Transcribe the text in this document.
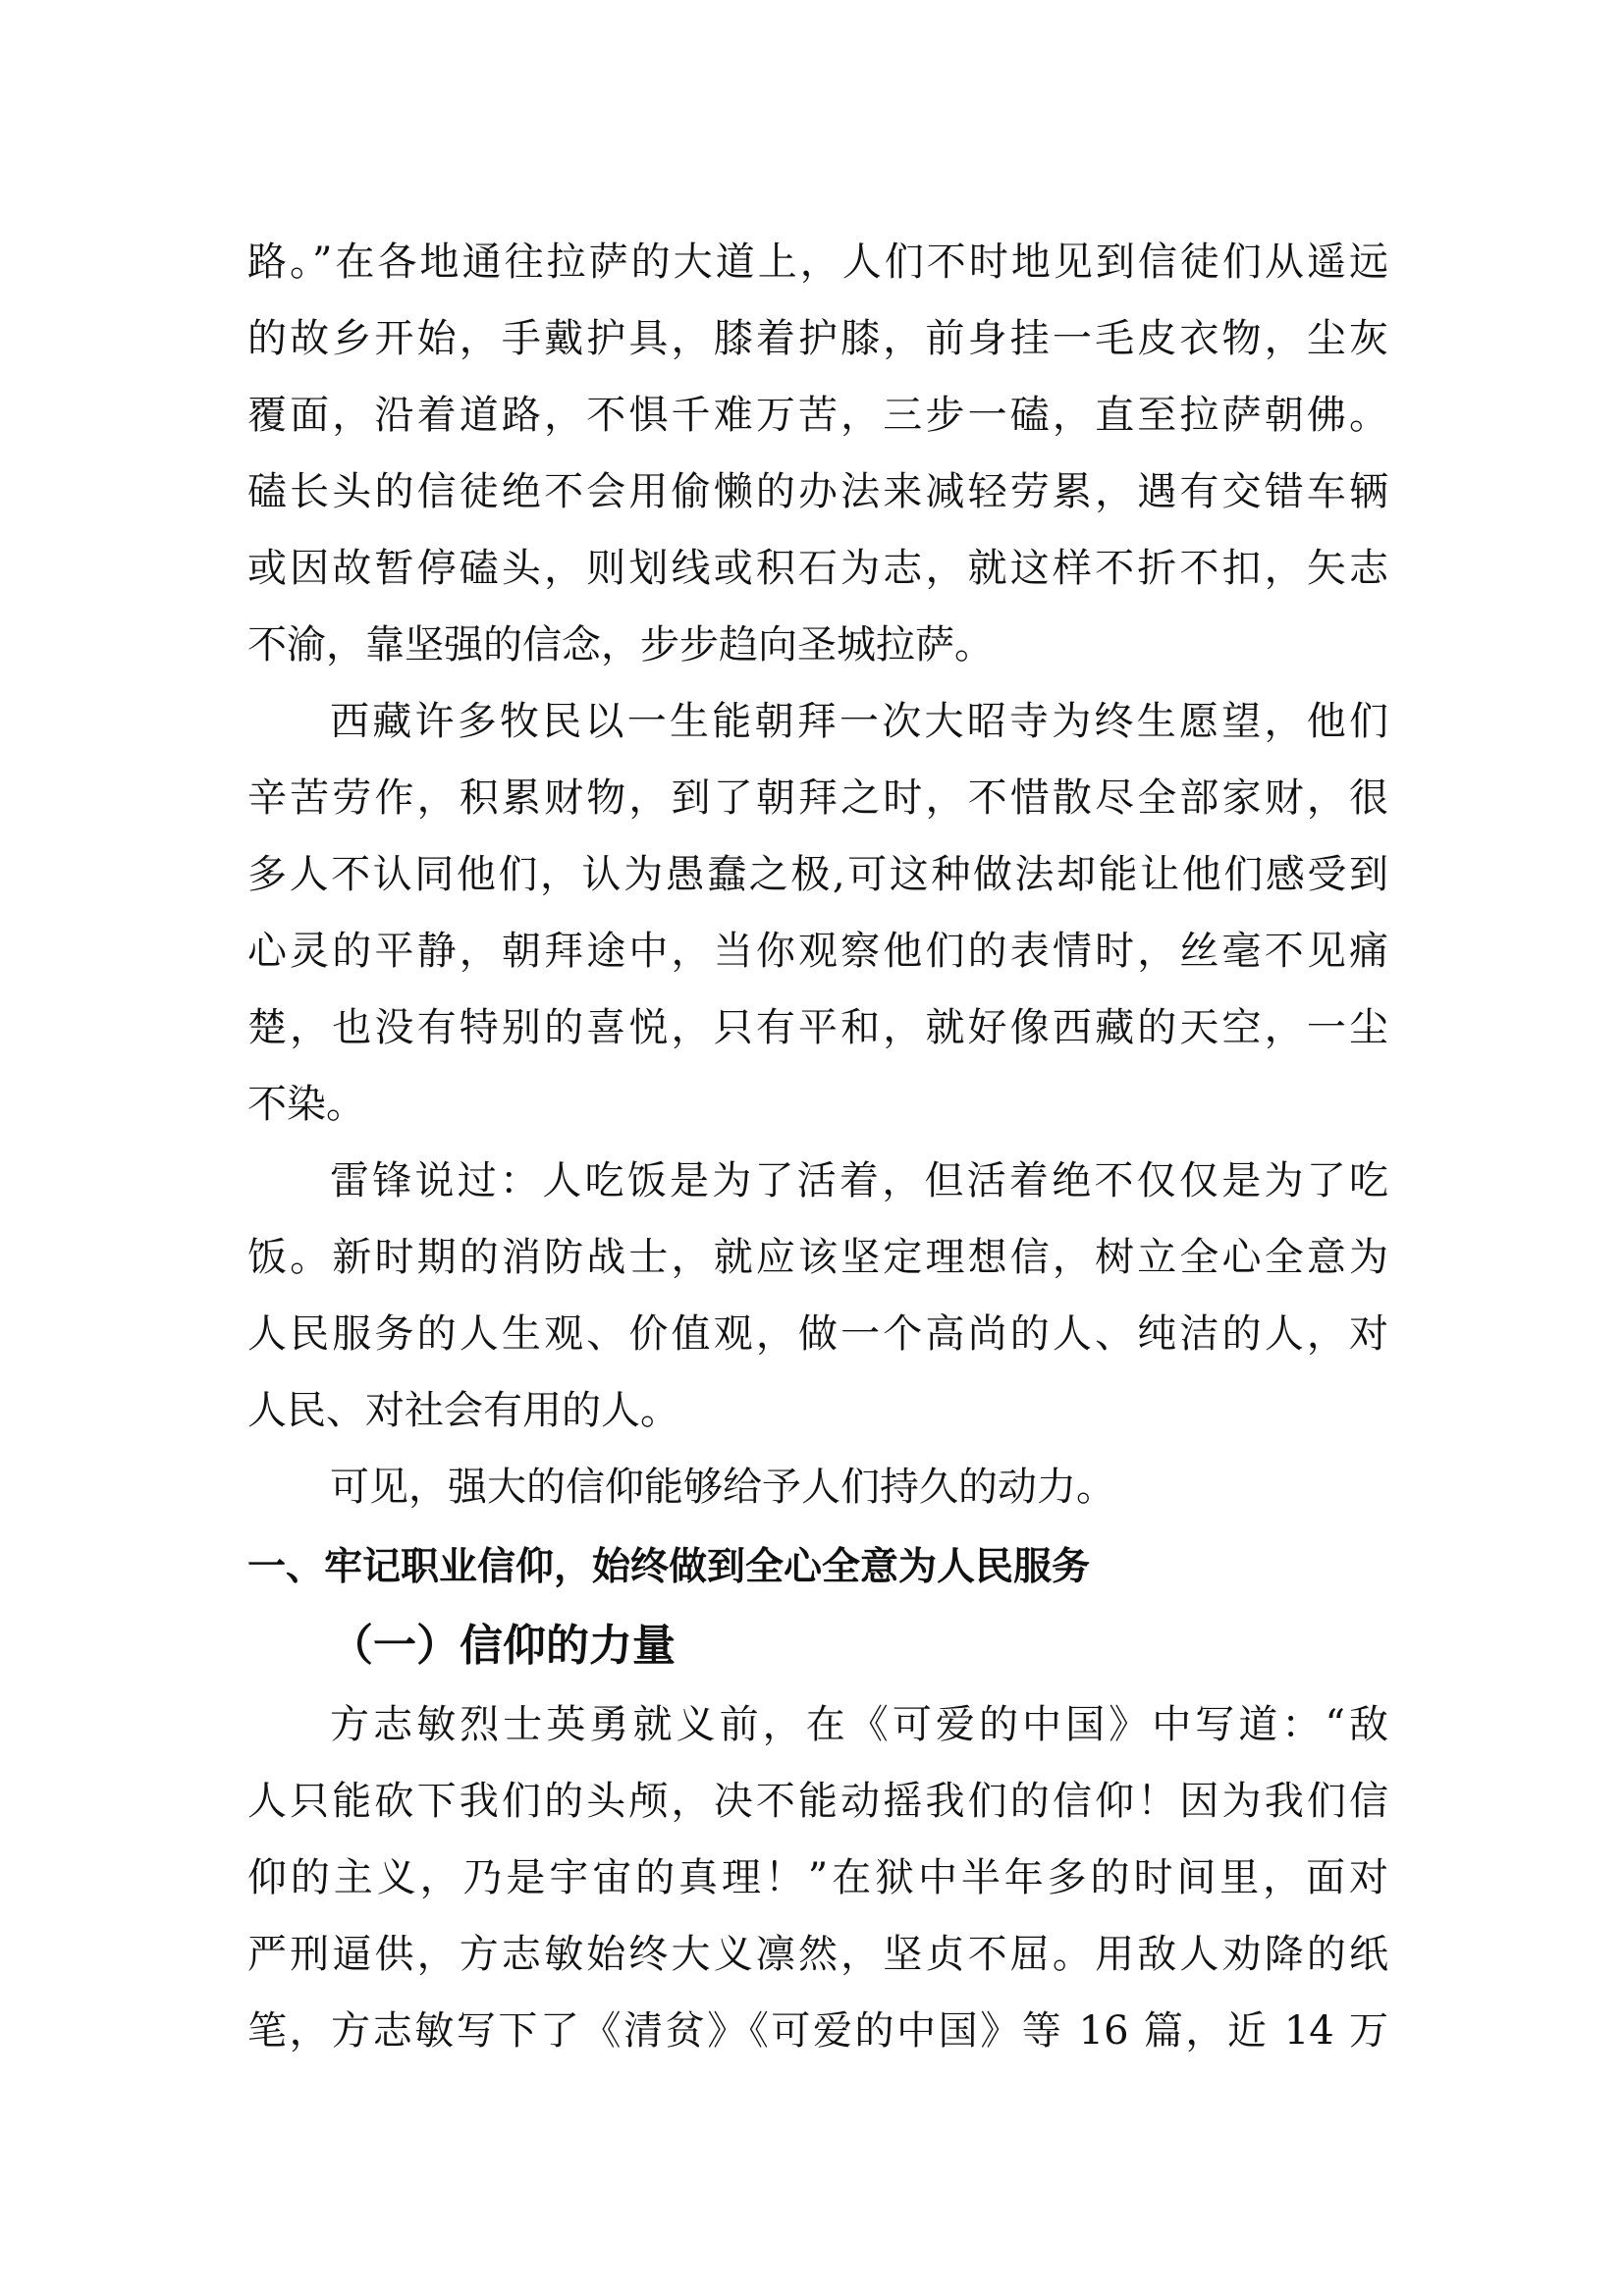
路。”在各地通往拉萨的大道上，人们不时地见到信徒们从遥远
的故乡开始，手戴护具，膝着护膝，前身挂一毛皮衣物，尘灰
覆面，沿着道路，不惧千难万苦，三步一磕，直至拉萨朝佛。
磕长头的信徒绝不会用偷懒的办法来减轻劳累，遇有交错车辆
或因故暂停磕头，则划线或积石为志，就这样不折不扣，矢志
不渝，靠坚强的信念，步步趋向圣城拉萨。
西藏许多牧民以一生能朝拜一次大昭寺为终生愿望，他们
辛苦劳作，积累财物，到了朝拜之时，不惜散尽全部家财，很
多人不认同他们，认为愚蠢之极,可这种做法却能让他们感受到
心灵的平静，朝拜途中，当你观察他们的表情时，丝毫不见痛
楚，也没有特别的喜悦，只有平和，就好像西藏的天空，一尘
不染。
雷锋说过：人吃饭是为了活着，但活着绝不仅仅是为了吃
饭。新时期的消防战士，就应该坚定理想信，树立全心全意为
人民服务的人生观、价值观，做一个高尚的人、纯洁的人，对
人民、对社会有用的人。
可见，强大的信仰能够给予人们持久的动力。
一、牢记职业信仰，始终做到全心全意为人民服务
（一）信仰的力量
方志敏烈士英勇就义前，在《可爱的中国》中写道：“敌
人只能砍下我们的头颅，决不能动摇我们的信仰！因为我们信
仰的主义，乃是宇宙的真理！”在狱中半年多的时间里，面对
严刑逼供，方志敏始终大义凛然，坚贞不屈。用敌人劝降的纸
笔，方志敏写下了《清贫》《可爱的中国》等 16 篇，近 14 万
